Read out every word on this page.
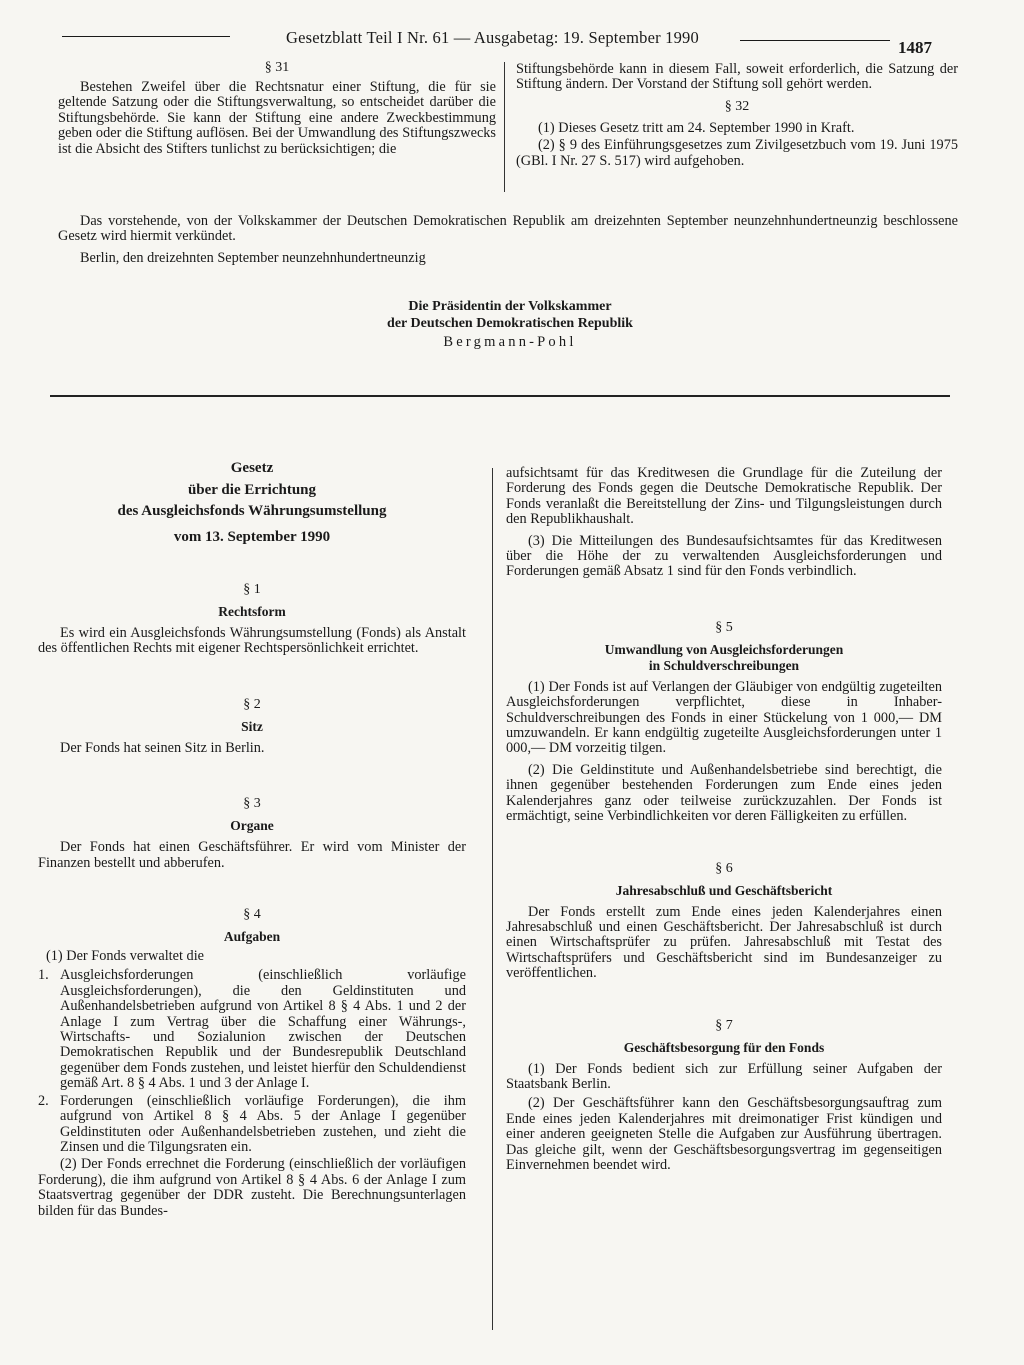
Gesetzblatt Teil I Nr. 61 — Ausgabetag: 19. September 1990
1487

§ 31

Bestehen Zweifel über die Rechtsnatur einer Stiftung, die für sie geltende Satzung oder die Stiftungsverwaltung, so entscheidet darüber die Stiftungsbehörde. Sie kann der Stiftung eine andere Zweckbestimmung geben oder die Stiftung auflösen. Bei der Umwandlung des Stiftungszwecks ist die Absicht des Stifters tunlichst zu berücksichtigen; die

Stiftungsbehörde kann in diesem Fall, soweit erforderlich, die Satzung der Stiftung ändern. Der Vorstand der Stiftung soll gehört werden.

§ 32

(1) Dieses Gesetz tritt am 24. September 1990 in Kraft.

(2) § 9 des Einführungsgesetzes zum Zivilgesetzbuch vom 19. Juni 1975 (GBl. I Nr. 27 S. 517) wird aufgehoben.

Das vorstehende, von der Volkskammer der Deutschen Demokratischen Republik am dreizehnten September neunzehnhundertneunzig beschlossene Gesetz wird hiermit verkündet.

Berlin, den dreizehnten September neunzehnhundertneunzig

Die Präsidentin der Volkskammer

der Deutschen Demokratischen Republik

Bergmann-Pohl

Gesetz

über die Errichtung

des Ausgleichsfonds Währungsumstellung

vom 13. September 1990

§ 1

Rechtsform

Es wird ein Ausgleichsfonds Währungsumstellung (Fonds) als Anstalt des öffentlichen Rechts mit eigener Rechtspersönlichkeit errichtet.

§ 2

Sitz

Der Fonds hat seinen Sitz in Berlin.

§ 3

Organe

Der Fonds hat einen Geschäftsführer. Er wird vom Minister der Finanzen bestellt und abberufen.

§ 4

Aufgaben

(1) Der Fonds verwaltet die

1. Ausgleichsforderungen (einschließlich vorläufige Ausgleichsforderungen), die den Geldinstituten und Außenhandelsbetrieben aufgrund von Artikel 8 § 4 Abs. 1 und 2 der Anlage I zum Vertrag über die Schaffung einer Währungs-, Wirtschafts- und Sozialunion zwischen der Deutschen Demokratischen Republik und der Bundesrepublik Deutschland gegenüber dem Fonds zustehen, und leistet hierfür den Schuldendienst gemäß Art. 8 § 4 Abs. 1 und 3 der Anlage I.
2. Forderungen (einschließlich vorläufige Forderungen), die ihm aufgrund von Artikel 8 § 4 Abs. 5 der Anlage I gegenüber Geldinstituten oder Außenhandelsbetrieben zustehen, und zieht die Zinsen und die Tilgungsraten ein.

(2) Der Fonds errechnet die Forderung (einschließlich der vorläufigen Forderung), die ihm aufgrund von Artikel 8 § 4 Abs. 6 der Anlage I zum Staatsvertrag gegenüber der DDR zusteht. Die Berechnungsunterlagen bilden für das Bundes-

aufsichtsamt für das Kreditwesen die Grundlage für die Zuteilung der Forderung des Fonds gegen die Deutsche Demokratische Republik. Der Fonds veranlaßt die Bereitstellung der Zins- und Tilgungsleistungen durch den Republikhaushalt.

(3) Die Mitteilungen des Bundesaufsichtsamtes für das Kreditwesen über die Höhe der zu verwaltenden Ausgleichsforderungen und Forderungen gemäß Absatz 1 sind für den Fonds verbindlich.

§ 5

Umwandlung von Ausgleichsforderungen

in Schuldverschreibungen

(1) Der Fonds ist auf Verlangen der Gläubiger von endgültig zugeteilten Ausgleichsforderungen verpflichtet, diese in Inhaber-Schuldverschreibungen des Fonds in einer Stückelung von 1 000,— DM umzuwandeln. Er kann endgültig zugeteilte Ausgleichsforderungen unter 1 000,— DM vorzeitig tilgen.

(2) Die Geldinstitute und Außenhandelsbetriebe sind berechtigt, die ihnen gegenüber bestehenden Forderungen zum Ende eines jeden Kalenderjahres ganz oder teilweise zurückzuzahlen. Der Fonds ist ermächtigt, seine Verbindlichkeiten vor deren Fälligkeiten zu erfüllen.

§ 6

Jahresabschluß und Geschäftsbericht

Der Fonds erstellt zum Ende eines jeden Kalenderjahres einen Jahresabschluß und einen Geschäftsbericht. Der Jahresabschluß ist durch einen Wirtschaftsprüfer zu prüfen. Jahresabschluß mit Testat des Wirtschaftsprüfers und Geschäftsbericht sind im Bundesanzeiger zu veröffentlichen.

§ 7

Geschäftsbesorgung für den Fonds

(1) Der Fonds bedient sich zur Erfüllung seiner Aufgaben der Staatsbank Berlin.

(2) Der Geschäftsführer kann den Geschäftsbesorgungsauftrag zum Ende eines jeden Kalenderjahres mit dreimonatiger Frist kündigen und einer anderen geeigneten Stelle die Aufgaben zur Ausführung übertragen. Das gleiche gilt, wenn der Geschäftsbesorgungsvertrag im gegenseitigen Einvernehmen beendet wird.
